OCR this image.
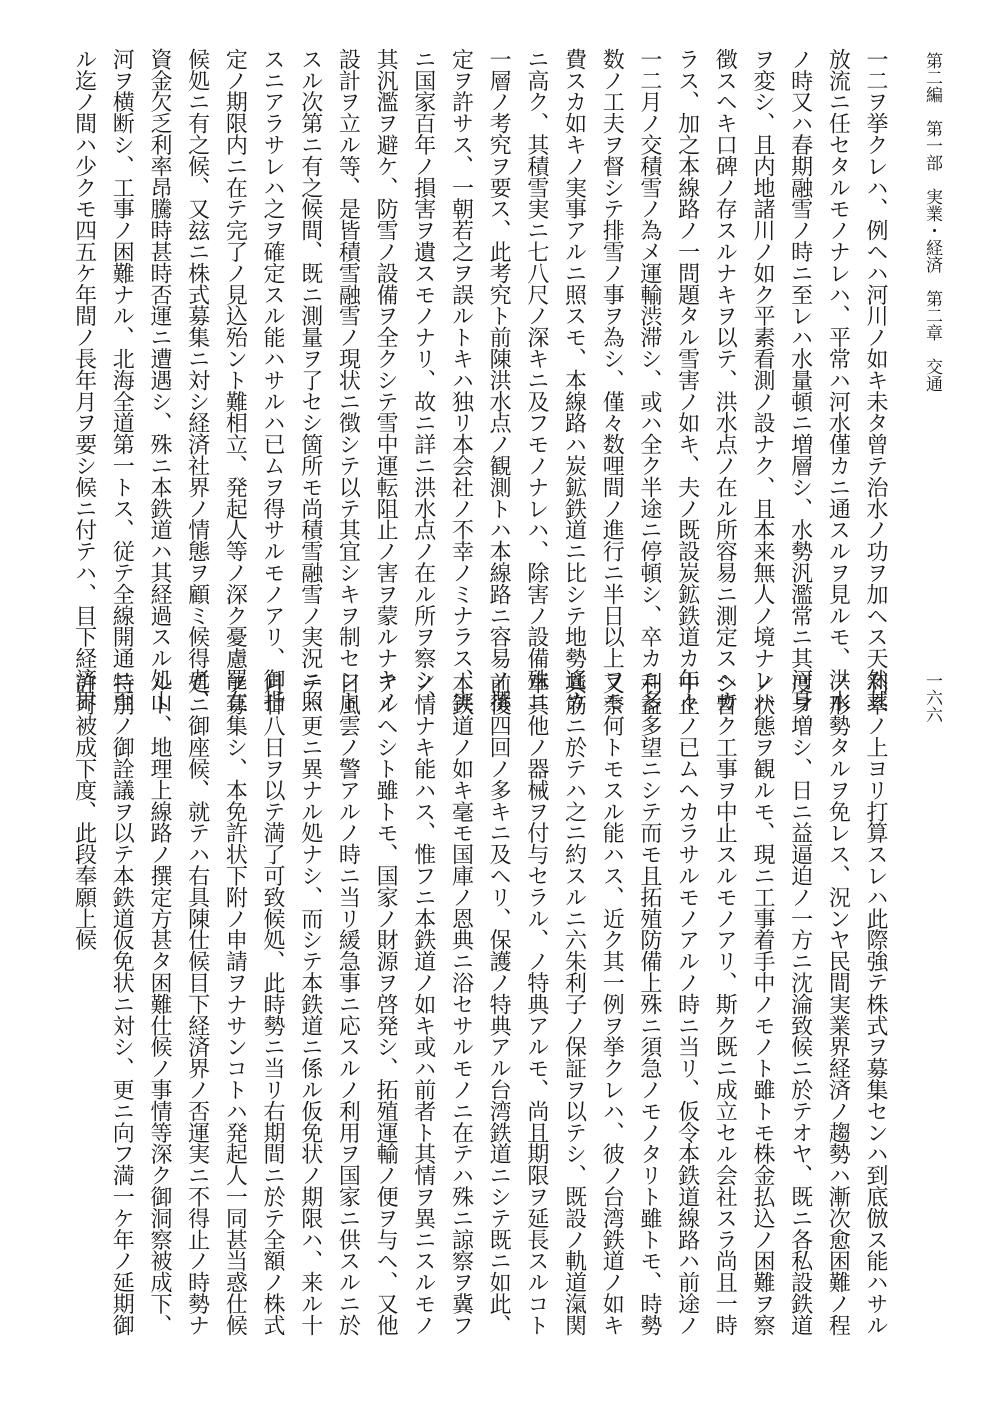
第二編　第一部　実業・経済　第二章　交通
一六六
一二ヲ挙クレハ、例ヘハ河川ノ如キ未タ曾テ治水ノ功ヲ加ヘス天然其
放流ニ任セタルモノナレハ、平常ハ河水僅カニ通スルヲ見ルモ、洪水
ノ時又ハ春期融雪ノ時ニ至レハ水量頓ニ増層シ、水勢汎濫常ニ其河身
ヲ変シ、且内地諸川ノ如ク平素看測ノ設ナク、且本来無人ノ境ナレハ
徴スヘキ口碑ノ存スルナキヲ以テ、洪水点ノ在ル所容易ニ測定スヘカ
ラス、加之本線路ノ一問題タル雪害ノ如キ、夫ノ既設炭鉱鉄道カ年々
一二月ノ交積雪ノ為メ運輸渋滞シ、或ハ全ク半途ニ停頓シ、卒カニ多
数ノ工夫ヲ督シテ排雪ノ事ヲ為シ、僅々数哩間ノ進行ニ半日以上ヲモ
費スカ如キノ実事アルニ照スモ、本線路ハ炭鉱鉄道ニ比シテ地勢遙カ
ニ高ク、其積雪実ニ七八尺ノ深キニ及フモノナレハ、除害ノ設備殊ニ
一層ノ考究ヲ要ス、此考究ト前陳洪水点ノ観測トハ本線路ニ容易ノ撰
定ヲ許サス、一朝若之ヲ誤ルトキハ独リ本会社ノ不幸ノミナラス、実
ニ国家百年ノ損害ヲ遺スモノナリ、故ニ詳ニ洪水点ノ在ル所ヲ察シ、
其汎濫ヲ避ケ、防雪ノ設備ヲ全クシテ雪中運転阻止ノ害ヲ蒙ルナキノ
設計ヲ立ル等、是皆積雪融雪ノ現状ニ徴シテ以テ其宜シキヲ制セント
スル次第ニ有之候間、既ニ測量ヲ了セシ箇所モ尚積雪融雪ノ実況ニ照
スニアラサレハ之ヲ確定スル能ハサルハ已ムヲ得サルモノアリ、御指
定ノ期限内ニ在テ完了ノ見込殆ント難相立、発起人等ノ深ク憂慮罷在
候処ニ有之候、又玆ニ株式募集ニ対シ経済社界ノ情態ヲ顧ミ候得者、
資金欠乏利率昂騰時甚時否運ニ遭遇シ、殊ニ本鉄道ハ其経過スル処山
河ヲ横断シ、工事ノ困難ナル、北海全道第一トス、従テ全線開通ニ至
ル迄ノ間ハ少クモ四五ケ年間ノ長年月ヲ要シ候ニ付テハ、目下経済界
利率ノ上ヨリ打算スレハ此際強テ株式ヲ募集センハ到底倣ス能ハサル
ノ形勢タルヲ免レス、況ンヤ民間実業界経済ノ趨勢ハ漸次愈困難ノ程
度ヲ増シ、日ニ益逼迫ノ一方ニ沈淪致候ニ於テオヤ、既ニ各私設鉄道
ノ状態ヲ観ルモ、現ニ工事着手中ノモノト雖トモ株金払込ノ困難ヲ察
シ暫ク工事ヲ中止スルモノアリ、斯ク既ニ成立セル会社スラ尚且一時
中止ノ已ムヘカラサルモノアルノ時ニ当リ、仮令本鉄道線路ハ前途ノ
利益多望ニシテ而モ且拓殖防備上殊ニ須急ノモノタリト雖トモ、時勢
又奈何トモスル能ハス、近ク其一例ヲ挙クレハ、彼ノ台湾鉄道ノ如キ
其筋ニ於テハ之ニ約スルニ六朱利子ノ保証ヲ以テシ、既設ノ軌道滊関
車其他ノ器械ヲ付与セラル、ノ特典アルモ、尚且期限ヲ延長スルコト
前後四回ノ多キニ及ヘリ、保護ノ特典アル台湾鉄道ニシテ既ニ如此、
本鉄道ノ如キ毫モ国庫ノ恩典ニ浴セサルモノニ在テハ殊ニ諒察ヲ冀フ
ノ情ナキ能ハス、惟フニ本鉄道ノ如キ或ハ前者ト其情ヲ異ニスルモノ
アルヘシト雖トモ、国家ノ財源ヲ啓発シ、拓殖運輸ノ便ヲ与ヘ、又他
日風雲ノ警アルノ時ニ当リ緩急事ニ応スルノ利用ヲ国家ニ供スルニ於
テハ更ニ異ナル処ナシ、而シテ本鉄道ニ係ル仮免状ノ期限ハ、来ル十
月廿八日ヲ以テ満了可致候処、此時勢ニ当リ右期間ニ於テ全額ノ株式
ヲ募集シ、本免許状下附ノ申請ヲナサンコトハ発起人一同甚当惑仕候
処ニ御座候、就テハ右具陳仕候目下経済界ノ否運実ニ不得止ノ時勢ナ
ルト、地理上線路ノ撰定方甚タ困難仕候ノ事情等深ク御洞察被成下、
特別ノ御詮議ヲ以テ本鉄道仮免状ニ対シ、更ニ向フ満一ケ年ノ延期御
許可被成下度、此段奉願上候
